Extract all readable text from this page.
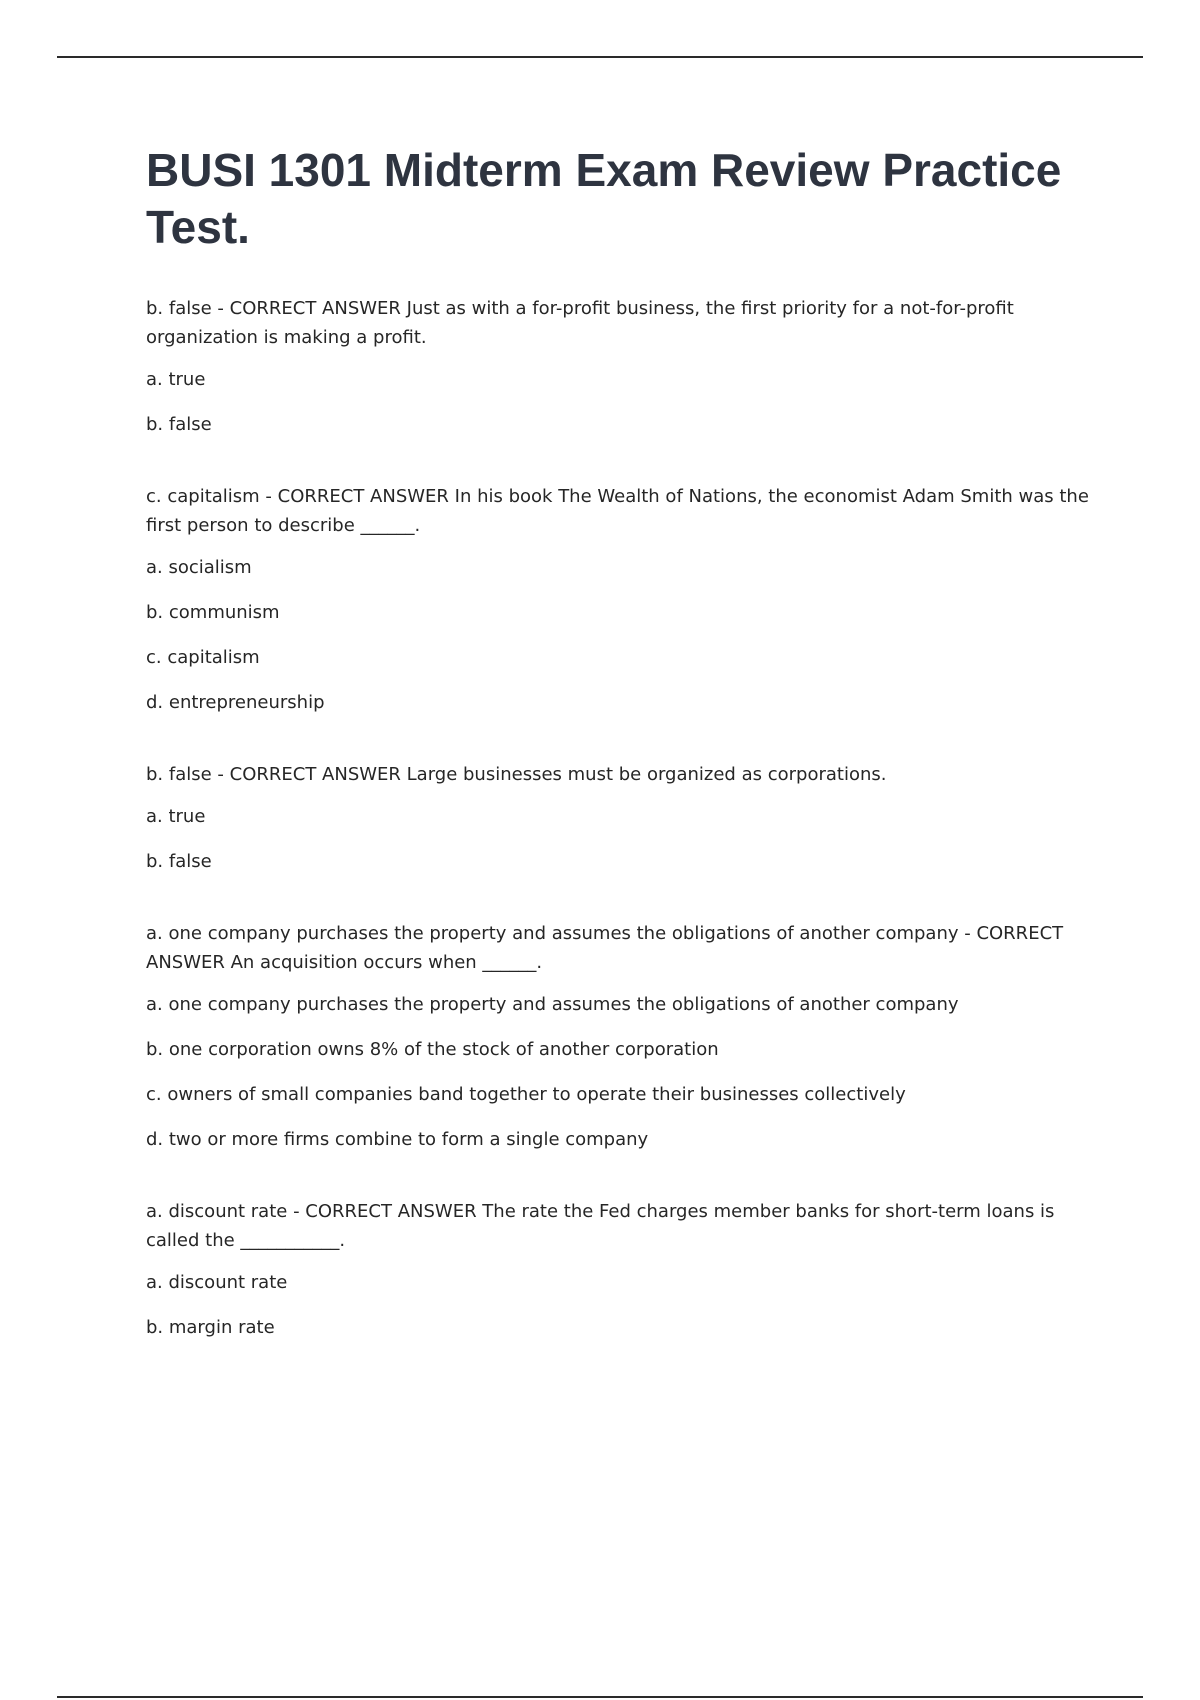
BUSI 1301 Midterm Exam Review Practice Test.

b. false - CORRECT ANSWER Just as with a for-profit business, the first priority for a not-for-profit organization is making a profit.

a. true

b. false

c. capitalism - CORRECT ANSWER In his book The Wealth of Nations, the economist Adam Smith was the first person to describe ______.

a. socialism

b. communism

c. capitalism

d. entrepreneurship

b. false - CORRECT ANSWER Large businesses must be organized as corporations.

a. true

b. false

a. one company purchases the property and assumes the obligations of another company - CORRECT ANSWER An acquisition occurs when ______.

a. one company purchases the property and assumes the obligations of another company

b. one corporation owns 8% of the stock of another corporation

c. owners of small companies band together to operate their businesses collectively

d. two or more firms combine to form a single company

a. discount rate - CORRECT ANSWER The rate the Fed charges member banks for short-term loans is called the ___________.

a. discount rate

b. margin rate
